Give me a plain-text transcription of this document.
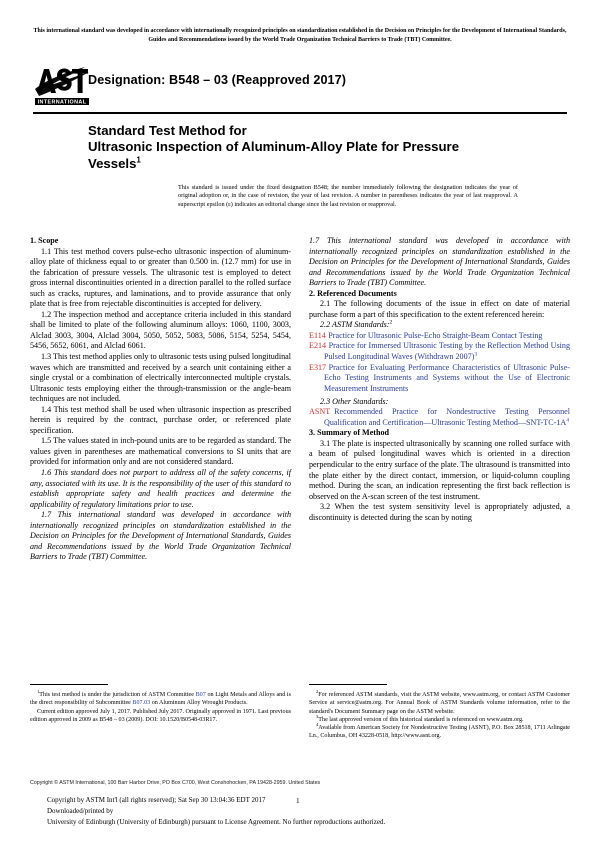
This international standard was developed in accordance with internationally recognized principles on standardization established in the Decision on Principles for the Development of International Standards, Guides and Recommendations issued by the World Trade Organization Technical Barriers to Trade (TBT) Committee.
INTERNATIONAL
Designation: B548 – 03 (Reapproved 2017)
Standard Test Method for
Ultrasonic Inspection of Aluminum-Alloy Plate for Pressure
Vessels$^1$
This standard is issued under the fixed designation B548; the number immediately following the designation indicates the year of original adoption or, in the case of revision, the year of last revision. A number in parentheses indicates the year of last reapproval. A superscript epsilon (ε) indicates an editorial change since the last revision or reapproval.

1. Scope

1.1 This test method covers pulse-echo ultrasonic inspection of aluminum-alloy plate of thickness equal to or greater than 0.500 in. (12.7 mm) for use in the fabrication of pressure vessels. The ultrasonic test is employed to detect gross internal discontinuities oriented in a direction parallel to the rolled surface such as cracks, ruptures, and laminations, and to provide assurance that only plate that is free from rejectable discontinuities is accepted for delivery.

1.2 The inspection method and acceptance criteria included in this standard shall be limited to plate of the following aluminum alloys: 1060, 1100, 3003, Alclad 3003, 3004, Alclad 3004, 5050, 5052, 5083, 5086, 5154, 5254, 5454, 5456, 5652, 6061, and Alclad 6061.

1.3 This test method applies only to ultrasonic tests using pulsed longitudinal waves which are transmitted and received by a search unit containing either a single crystal or a combination of electrically interconnected multiple crystals. Ultrasonic tests employing either the through-transmission or the angle-beam techniques are not included.

1.4 This test method shall be used when ultrasonic inspection as prescribed herein is required by the contract, purchase order, or referenced plate specification.

1.5 The values stated in inch-pound units are to be regarded as standard. The values given in parentheses are mathematical conversions to SI units that are provided for information only and are not considered standard.

1.6 This standard does not purport to address all of the safety concerns, if any, associated with its use. It is the responsibility of the user of this standard to establish appropriate safety and health practices and determine the applicability of regulatory limitations prior to use.

1.7 This international standard was developed in accordance with internationally recognized principles on standardization established in the Decision on Principles for the Development of International Standards, Guides and Recommendations issued by the World Trade Organization Technical Barriers to Trade (TBT) Committee.

1.7 This international standard was developed in accordance with internationally recognized principles on standardization established in the Decision on Principles for the Development of International Standards, Guides and Recommendations issued by the World Trade Organization Technical Barriers to Trade (TBT) Committee.

2. Referenced Documents

2.1 The following documents of the issue in effect on date of material purchase form a part of this specification to the extent referenced herein:

2.2 ASTM Standards:$^2$

E114 Practice for Ultrasonic Pulse-Echo Straight-Beam Contact Testing

E214 Practice for Immersed Ultrasonic Testing by the Reflection Method Using Pulsed Longitudinal Waves (Withdrawn 2007)$^3$

E317 Practice for Evaluating Performance Characteristics of Ultrasonic Pulse-Echo Testing Instruments and Systems without the Use of Electronic Measurement Instruments

2.3 Other Standards:

ASNT Recommended Practice for Nondestructive Testing Personnel Qualification and Certification—Ultrasonic Testing Method—SNT-TC-1A$^4$

3. Summary of Method

3.1 The plate is inspected ultrasonically by scanning one rolled surface with a beam of pulsed longitudinal waves which is oriented in a direction perpendicular to the entry surface of the plate. The ultrasound is transmitted into the plate either by the direct contact, immersion, or liquid-column coupling method. During the scan, an indication representing the first back reflection is observed on the A-scan screen of the test instrument.

3.2 When the test system sensitivity level is appropriately adjusted, a discontinuity is detected during the scan by noting

$^1$This test method is under the jurisdiction of ASTM Committee B07 on Light Metals and Alloys and is the direct responsibility of Subcommittee B07.03 on Aluminum Alloy Wrought Products.

Current edition approved July 1, 2017. Published July 2017. Originally approved in 1971. Last previous edition approved in 2009 as B548 – 03 (2009). DOI: 10.1520/B0548-03R17.

$^2$For referenced ASTM standards, visit the ASTM website, www.astm.org, or contact ASTM Customer Service at service@astm.org. For Annual Book of ASTM Standards volume information, refer to the standard's Document Summary page on the ASTM website.

$^3$The last approved version of this historical standard is referenced on www.astm.org.

$^4$Available from American Society for Nondestructive Testing (ASNT), P.O. Box 28518, 1711 Arlingate Ln., Columbus, OH 43228-0518, http://www.asnt.org.

Copyright © ASTM International, 100 Barr Harbor Drive, PO Box C700, West Conshohocken, PA 19428-2959. United States
Copyright by ASTM Int'l (all rights reserved); Sat Sep 30 13:04:36 EDT 2017
Downloaded/printed by
University of Edinburgh (University of Edinburgh) pursuant to License Agreement. No further reproductions authorized.
1
